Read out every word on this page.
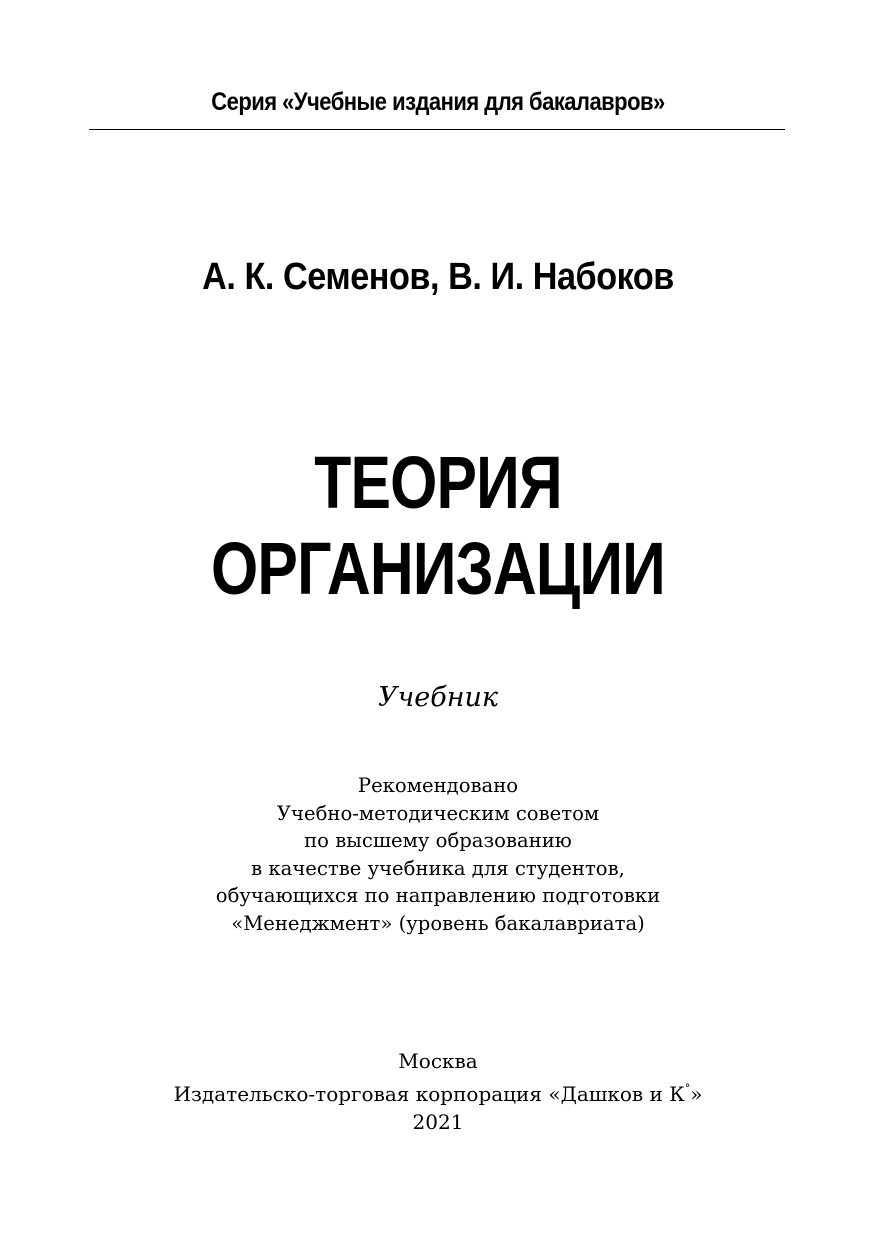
Серия «Учебные издания для бакалавров»
А. К. Семенов, В. И. Набоков
ТЕОРИЯ
ОРГАНИЗАЦИИ
Учебник
Рекомендовано
Учебно-методическим советом
по высшему образованию
в качестве учебника для студентов,
обучающихся по направлению подготовки
«Менеджмент» (уровень бакалавриата)
Москва
Издательско-торговая корпорация «Дашков и К°»
2021
